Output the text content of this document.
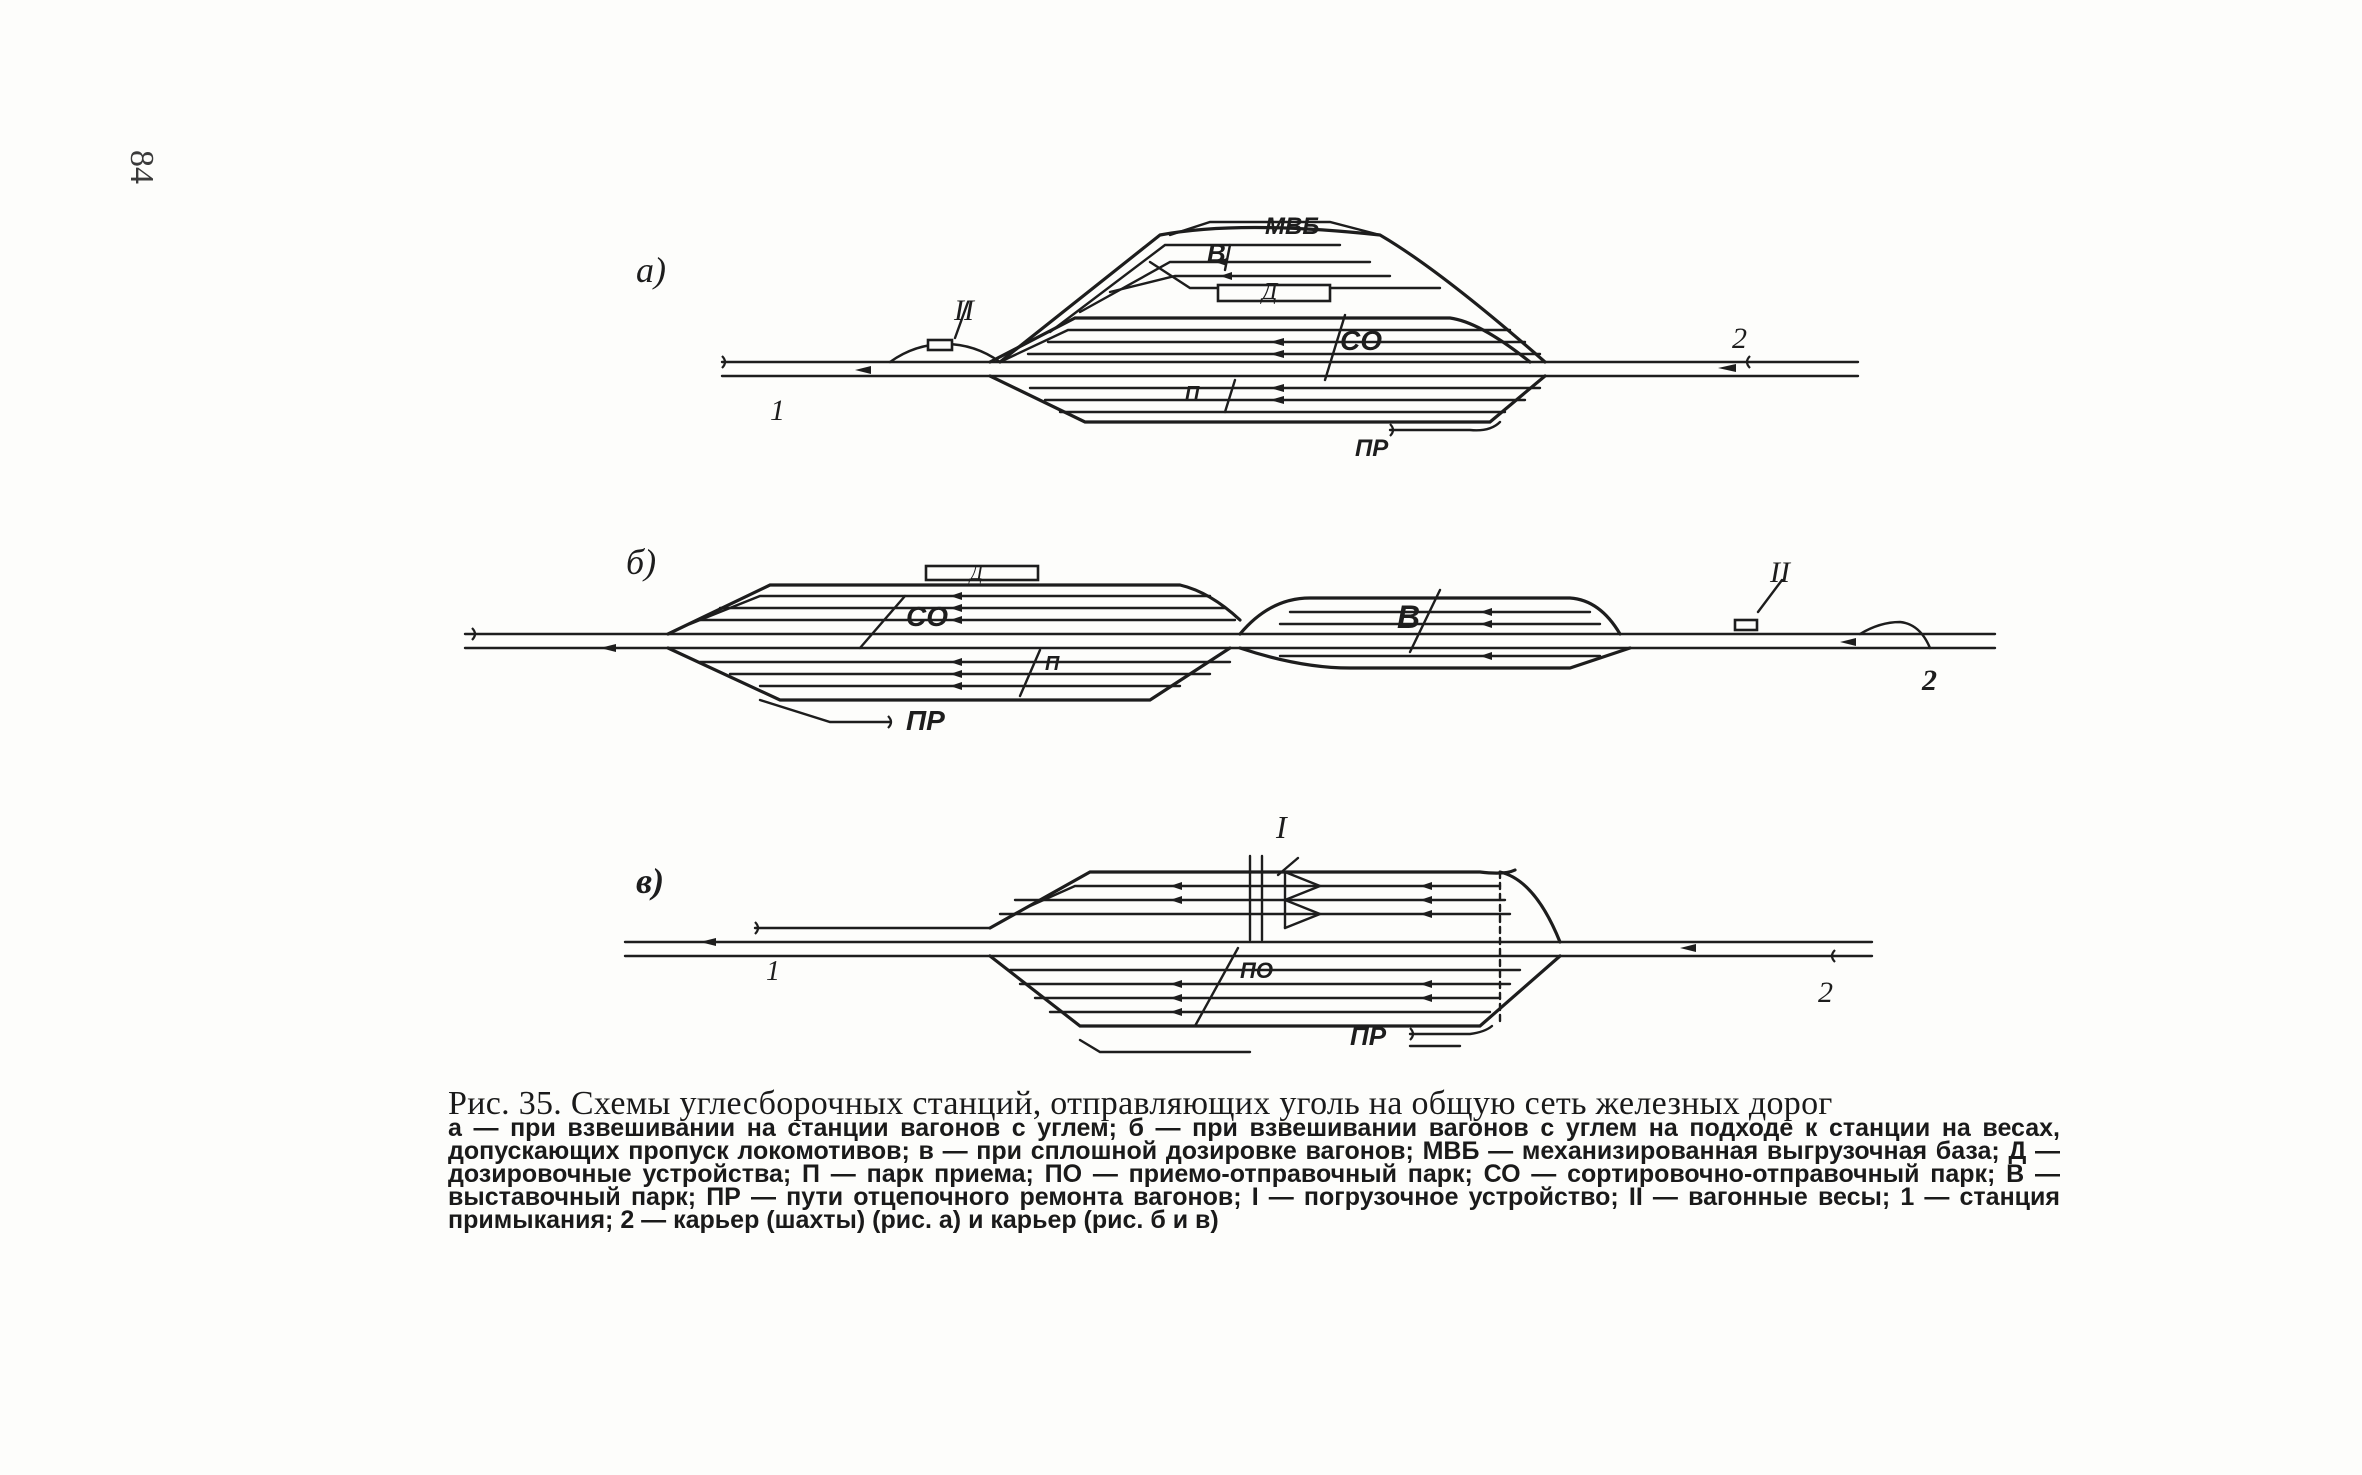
84
а)
II
Д
МВБ
В
СО
П
ПР
1
2
б)	Д
СО
П
ПР
В
II
2
в)
I
ПО
ПР
1
2
Рис. 35. Схемы углесборочных станций, отправляющих уголь на общую сеть железных дорог
а — при взвешивании на станции вагонов с углем; б — при взвешивании вагонов с углем на подходе к станции на весах, допускающих пропуск локомотивов; в — при сплошной дозировке вагонов; МВБ — механизированная выгрузочная база; Д — дозировочные устройства; П — парк приема; ПО — приемо-отправочный парк; СО — сортировочно-отправочный парк; В — выставочный парк; ПР — пути отцепочного ремонта вагонов; I — погрузочное устройство; II — вагонные весы; 1 — станция примыкания; 2 — карьер (шахты) (рис. а) и карьер (рис. б и в)
